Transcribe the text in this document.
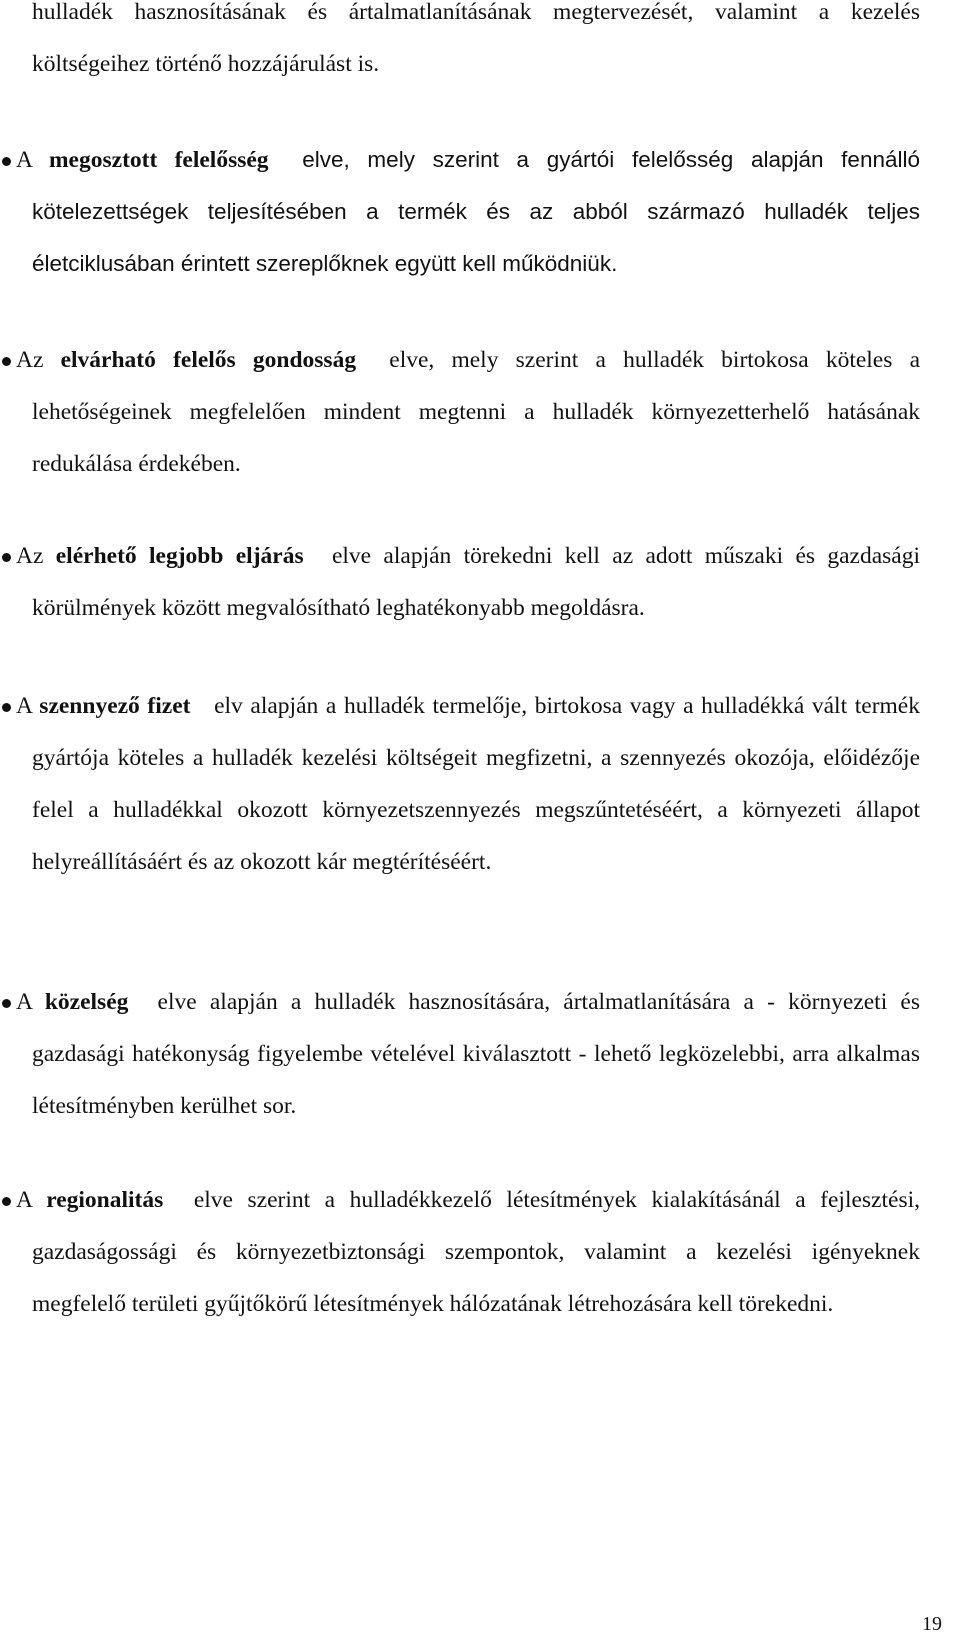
hulladék hasznosításának és ártalmatlanításának megtervezését, valamint a kezelés költségeihez történő hozzájárulást is.

A megosztott felelősség elve, mely szerint a gyártói felelősség alapján fennálló kötelezettségek teljesítésében a termék és az abból származó hulladék teljes életciklusában érintett szereplőknek együtt kell működniük.

Az elvárható felelős gondosság elve, mely szerint a hulladék birtokosa köteles a lehetőségeinek megfelelően mindent megtenni a hulladék környezetterhelő hatásának redukálása érdekében.

Az elérhető legjobb eljárás elve alapján törekedni kell az adott műszaki és gazdasági körülmények között megvalósítható leghatékonyabb megoldásra.

A szennyező fizet elv alapján a hulladék termelője, birtokosa vagy a hulladékká vált termék gyártója köteles a hulladék kezelési költségeit megfizetni, a szennyezés okozója, előidézője felel a hulladékkal okozott környezetszennyezés megszűntetéséért, a környezeti állapot helyreállításáért és az okozott kár megtérítéséért.

A közelség elve alapján a hulladék hasznosítására, ártalmatlanítására a - környezeti és gazdasági hatékonyság figyelembe vételével kiválasztott - lehető legközelebbi, arra alkalmas létesítményben kerülhet sor.

A regionalitás elve szerint a hulladékkezelő létesítmények kialakításánál a fejlesztési, gazdaságossági és környezetbiztonsági szempontok, valamint a kezelési igényeknek megfelelő területi gyűjtőkörű létesítmények hálózatának létrehozására kell törekedni.

19
